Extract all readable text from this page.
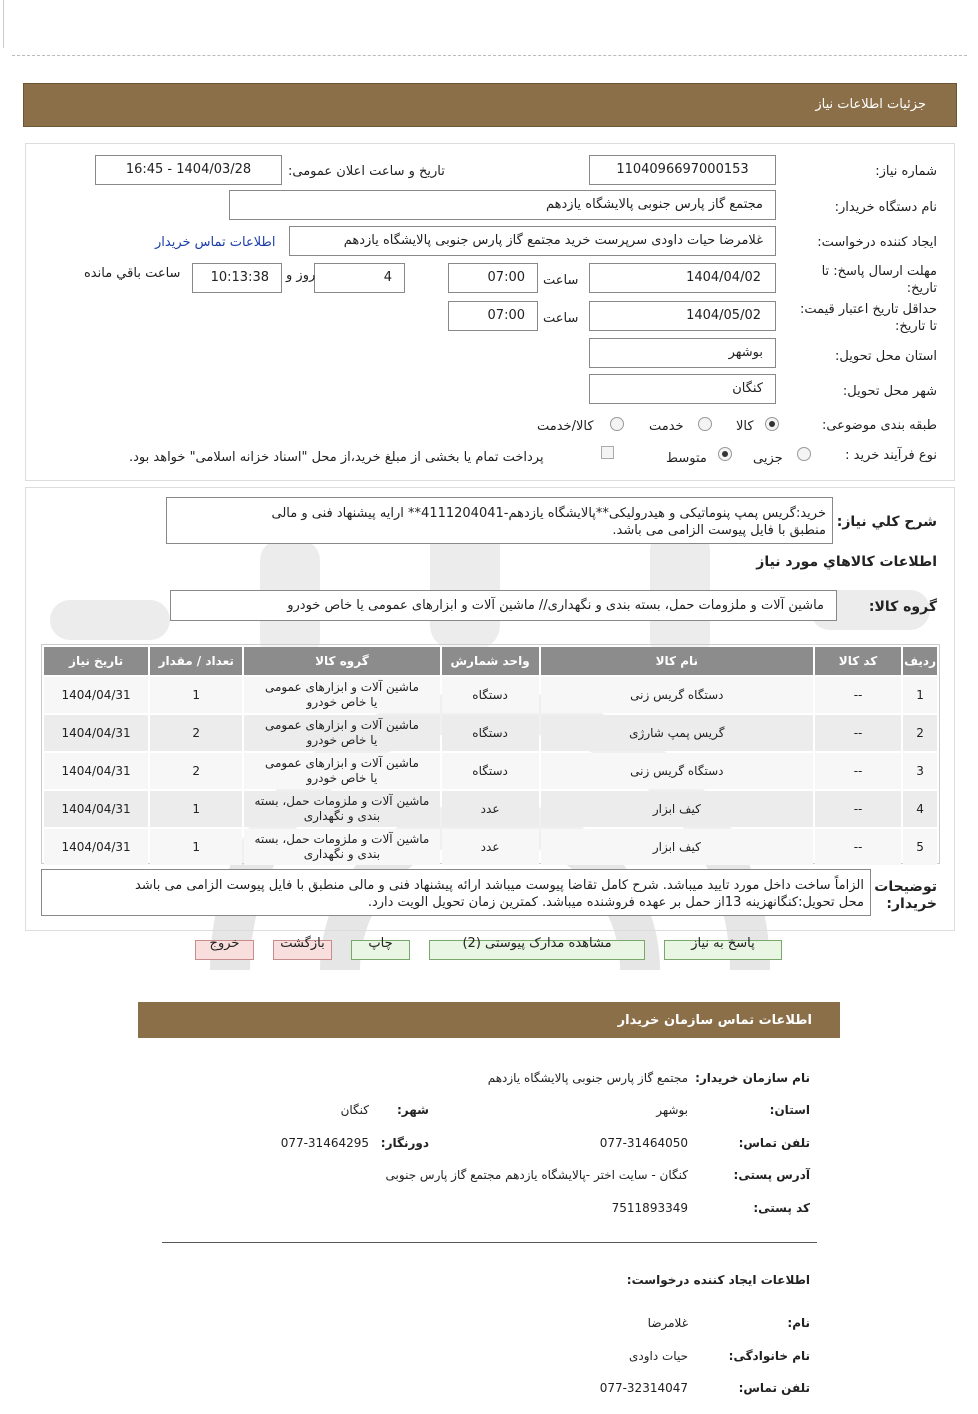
جزئیات اطلاعات نیاز
شماره نیاز:
1104096697000153
تاریخ و ساعت اعلان عمومی:
1404/03/28 - 16:45
نام دستگاه خریدار:
مجتمع گاز پارس جنوبی پالایشگاه یازدهم
ایجاد کننده درخواست:
غلامرضا حیات داودی سرپرست خرید مجتمع گاز پارس جنوبی پالایشگاه یازدهم
اطلاعات تماس خریدار
مهلت ارسال پاسخ: تا
تاریخ:
1404/04/02
ساعت
07:00
4
روز و
10:13:38
ساعت باقي مانده
حداقل تاریخ اعتبار قیمت:
تا تاریخ:
1404/05/02
ساعت
07:00
استان محل تحویل:
بوشهر
شهر محل تحویل:
کنگان
طبقه بندی موضوعی:
کالا
خدمت
کالا/خدمت
نوع فرآیند خرید :
جزیی
متوسط
پرداخت تمام یا بخشی از مبلغ خرید،از محل "اسناد خزانه اسلامی" خواهد بود.
شرح کلي نیاز:
خرید:گریس پمپ پنوماتیکی و هیدرولیکی**پالایشگاه یازدهم-4111204041** ارایه پیشنهاد فنی و مالی
منطبق با فایل پیوست الزامی می باشد.
اطلاعات کالاهاي مورد نیاز
گروه کالا:
ماشین آلات و ملزومات حمل، بسته بندی و نگهداری// ماشین آلات و ابزارهای عمومی یا خاص خودرو
ردیف	کد کالا	نام کالا	واحد شمارش	گروه کالا	تعداد / مقدار	تاریخ نیاز
1	--	دستگاه گریس زنی	دستگاه	ماشین آلات و ابزارهای عمومی
یا خاص خودرو	1	1404/04/31
2	--	گریس پمپ شارژی	دستگاه	ماشین آلات و ابزارهای عمومی
یا خاص خودرو	2	1404/04/31
3	--	دستگاه گریس زنی	دستگاه	ماشین آلات و ابزارهای عمومی
یا خاص خودرو	2	1404/04/31
4	--	کیف ابزار	عدد	ماشین آلات و ملزومات حمل، بسته
بندی و نگهداری	1	1404/04/31
5	--	کیف ابزار	عدد	ماشین آلات و ملزومات حمل، بسته
بندی و نگهداری	1	1404/04/31
توضیحات
خریدار:
الزاماً ساخت داخل مورد تایید میباشد. شرح کامل تقاضا پیوست میباشد ارائه پیشنهاد فنی و مالی منطبق با فایل پیوست الزامی می باشد
محل تحویل:کنگانهزینه 13از حمل بر عهده فروشنده میباشد. کمترین زمان تحویل الویت دارد.
پاسخ به نیاز
مشاهده مدارک پیوستی (2)
چاپ
بازگشت
خروج
اطلاعات تماس سازمان خریدار
نام سازمان خریدار:
مجتمع گاز پارس جنوبی پالایشگاه یازدهم
استان:
بوشهر
شهر:
کنگان
تلفن تماس:
077-31464050
دورنگار:
077-31464295
آدرس پستی:
کنگان - سایت اختر -پالایشگاه یازدهم مجتمع گاز پارس جنوبی
کد پستی:
7511893349
اطلاعات ایجاد کننده درخواست:
نام:
غلامرضا
نام خانوادگی:
حیات داودی
تلفن تماس:
077-32314047
